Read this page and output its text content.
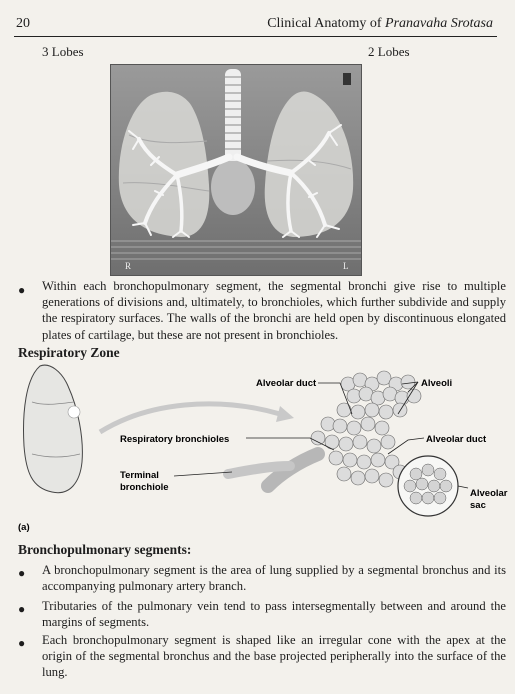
20	Clinical Anatomy of Pranavaha Srotasa
3 Lobes	2 Lobes
R	L
● Within each bronchopulmonary segment, the segmental bronchi give rise to multiple generations of divisions and, ultimately, to bronchioles, which further subdivide and supply the respiratory surfaces. The walls of the bronchi are held open by discontinuous elongated plates of cartilage, but these are not present in bronchioles.
Respiratory Zone
Alveolar duct	Alveoli
Respiratory bronchioles	Alveolar duct
Terminal
bronchiole
Alveolar
sac
(a)
Bronchopulmonary segments:
● A bronchopulmonary segment is the area of lung supplied by a segmental bronchus and its accompanying pulmonary artery branch.
● Tributaries of the pulmonary vein tend to pass intersegmentally between and around the margins of segments.
● Each bronchopulmonary segment is shaped like an irregular cone with the apex at the origin of the segmental bronchus and the base projected peripherally into the surface of the lung.
